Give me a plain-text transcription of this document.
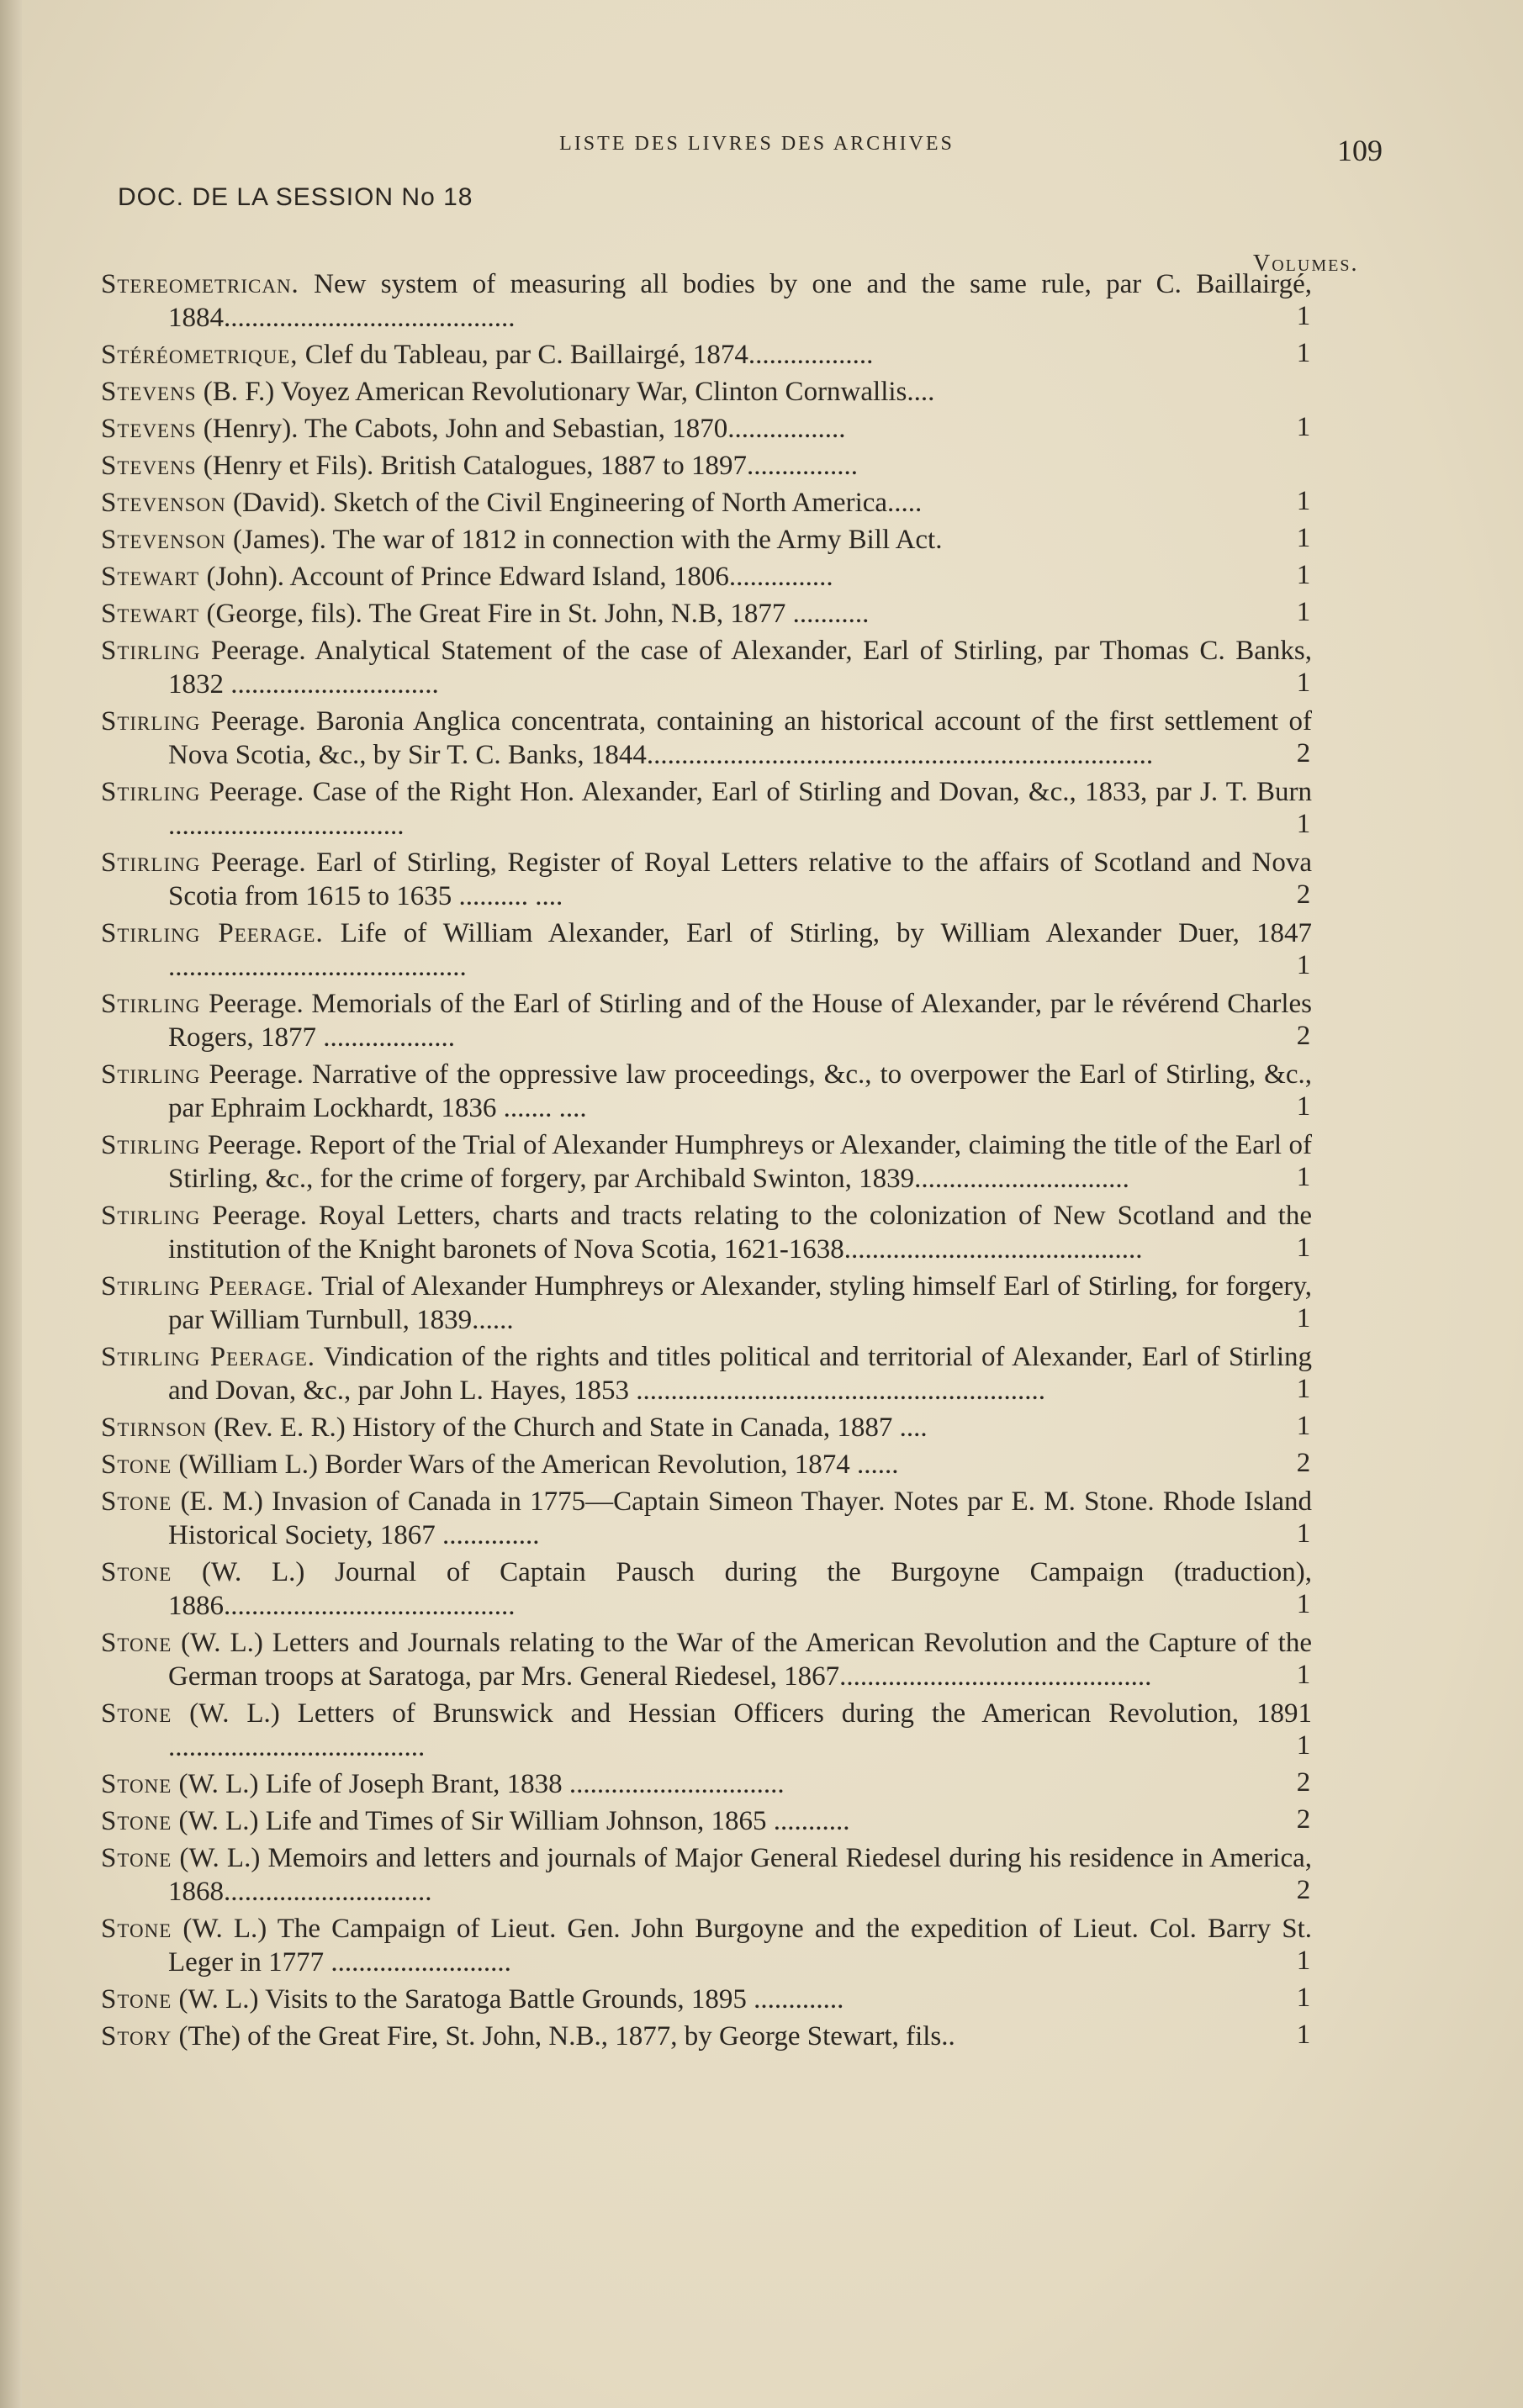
LISTE DES LIVRES DES ARCHIVES	109
DOC. DE LA SESSION No 18
Volumes.
Stereometrican. New system of measuring all bodies by one and the same rule, par C. Baillairgé, 1884..........................................	1
Stéréometrique, Clef du Tableau, par C. Baillairgé, 1874..................	1
Stevens (B. F.) Voyez American Revolutionary War, Clinton Cornwallis....
Stevens (Henry). The Cabots, John and Sebastian, 1870.................	1
Stevens (Henry et Fils). British Catalogues, 1887 to 1897................
Stevenson (David). Sketch of the Civil Engineering of North America.....	1
Stevenson (James). The war of 1812 in connection with the Army Bill Act.	1
Stewart (John). Account of Prince Edward Island, 1806...............	1
Stewart (George, fils). The Great Fire in St. John, N.B, 1877 ...........	1
Stirling Peerage. Analytical Statement of the case of Alexander, Earl of Stirling, par Thomas C. Banks, 1832 ..............................	1
Stirling Peerage. Baronia Anglica concentrata, containing an historical account of the first settlement of Nova Scotia, &c., by Sir T. C. Banks, 1844.........................................................................	2
Stirling Peerage. Case of the Right Hon. Alexander, Earl of Stirling and Dovan, &c., 1833, par J. T. Burn ..................................	1
Stirling Peerage. Earl of Stirling, Register of Royal Letters relative to the affairs of Scotland and Nova Scotia from 1615 to 1635 .......... ....	2
Stirling Peerage. Life of William Alexander, Earl of Stirling, by William Alexander Duer, 1847 ...........................................	1
Stirling Peerage. Memorials of the Earl of Stirling and of the House of Alexander, par le révérend Charles Rogers, 1877 ...................	2
Stirling Peerage. Narrative of the oppressive law proceedings, &c., to overpower the Earl of Stirling, &c., par Ephraim Lockhardt, 1836 ....... ....	1
Stirling Peerage. Report of the Trial of Alexander Humphreys or Alexander, claiming the title of the Earl of Stirling, &c., for the crime of forgery, par Archibald Swinton, 1839...............................	1
Stirling Peerage. Royal Letters, charts and tracts relating to the colonization of New Scotland and the institution of the Knight baronets of Nova Scotia, 1621-1638...........................................	1
Stirling Peerage. Trial of Alexander Humphreys or Alexander, styling himself Earl of Stirling, for forgery, par William Turnbull, 1839......	1
Stirling Peerage. Vindication of the rights and titles political and territorial of Alexander, Earl of Stirling and Dovan, &c., par John L. Hayes, 1853 ...........................................................	1
Stirnson (Rev. E. R.) History of the Church and State in Canada, 1887 ....	1
Stone (William L.) Border Wars of the American Revolution, 1874 ......	2
Stone (E. M.) Invasion of Canada in 1775—Captain Simeon Thayer. Notes par E. M. Stone. Rhode Island Historical Society, 1867 ..............	1
Stone (W. L.) Journal of Captain Pausch during the Burgoyne Campaign (traduction), 1886..........................................	1
Stone (W. L.) Letters and Journals relating to the War of the American Revolution and the Capture of the German troops at Saratoga, par Mrs. General Riedesel, 1867.............................................	1
Stone (W. L.) Letters of Brunswick and Hessian Officers during the American Revolution, 1891 .....................................	1
Stone (W. L.) Life of Joseph Brant, 1838 ...............................	2
Stone (W. L.) Life and Times of Sir William Johnson, 1865 ...........	2
Stone (W. L.) Memoirs and letters and journals of Major General Riedesel during his residence in America, 1868..............................	2
Stone (W. L.) The Campaign of Lieut. Gen. John Burgoyne and the expedition of Lieut. Col. Barry St. Leger in 1777 ..........................	1
Stone (W. L.) Visits to the Saratoga Battle Grounds, 1895 .............	1
Story (The) of the Great Fire, St. John, N.B., 1877, by George Stewart, fils..	1
